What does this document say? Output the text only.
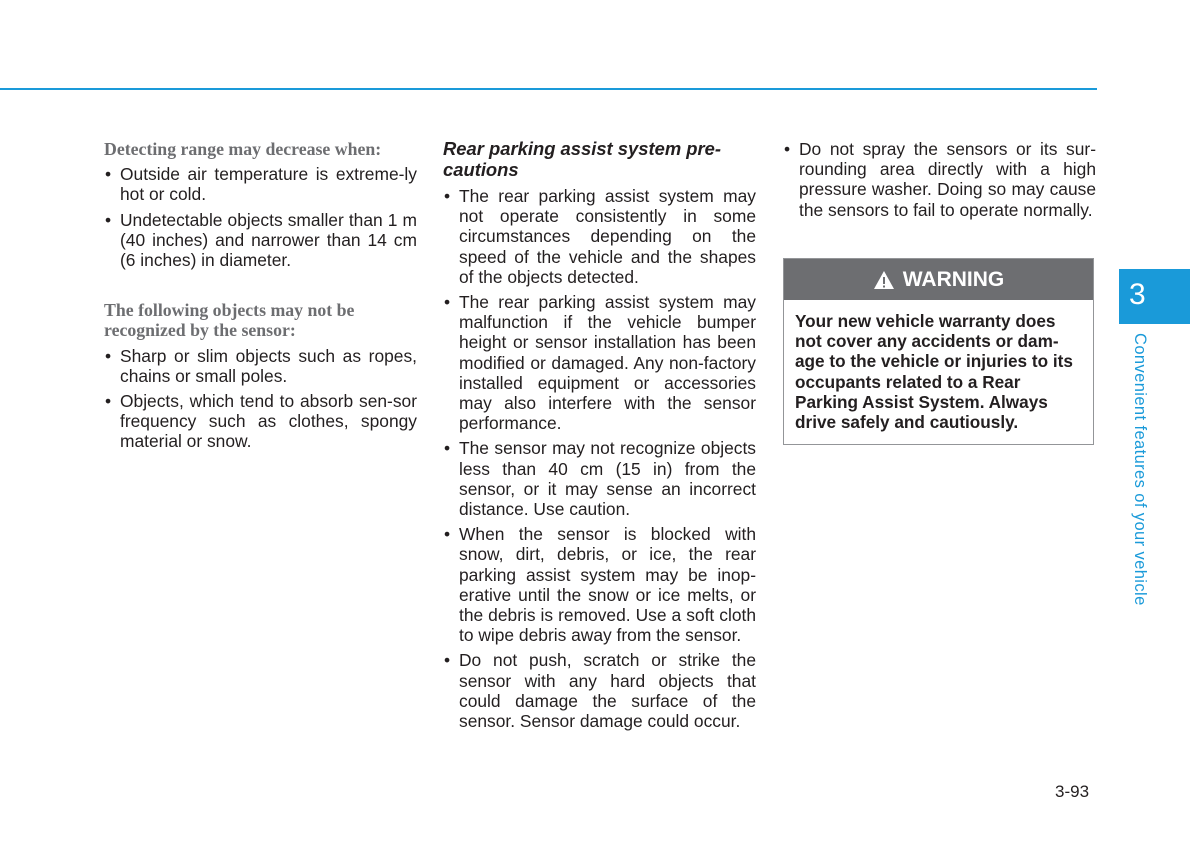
Detecting range may decrease when:
• Outside air temperature is extreme-ly hot or cold.
• Undetectable objects smaller than 1 m (40 inches) and narrower than 14 cm (6 inches) in diameter.
The following objects may not be recognized by the sensor:
• Sharp or slim objects such as ropes, chains or small poles.
• Objects, which tend to absorb sen-sor frequency such as clothes, spongy material or snow.
Rear parking assist system pre-cautions
• The rear parking assist system may not operate consistently in some circumstances depending on the speed of the vehicle and the shapes of the objects detected.
• The rear parking assist system may malfunction if the vehicle bumper height or sensor installation has been modified or damaged. Any non-factory installed equipment or accessories may also interfere with the sensor performance.
• The sensor may not recognize objects less than 40 cm (15 in) from the sensor, or it may sense an incorrect distance. Use caution.
• When the sensor is blocked with snow, dirt, debris, or ice, the rear parking assist system may be inop-erative until the snow or ice melts, or the debris is removed. Use a soft cloth to wipe debris away from the sensor.
• Do not push, scratch or strike the sensor with any hard objects that could damage the surface of the sensor. Sensor damage could occur.
• Do not spray the sensors or its sur-rounding area directly with a high pressure washer. Doing so may cause the sensors to fail to operate normally.
WARNING
Your new vehicle warranty does not cover any accidents or dam-age to the vehicle or injuries to its occupants related to a Rear Parking Assist System. Always drive safely and cautiously.
3
Convenient features of your vehicle
3-93
